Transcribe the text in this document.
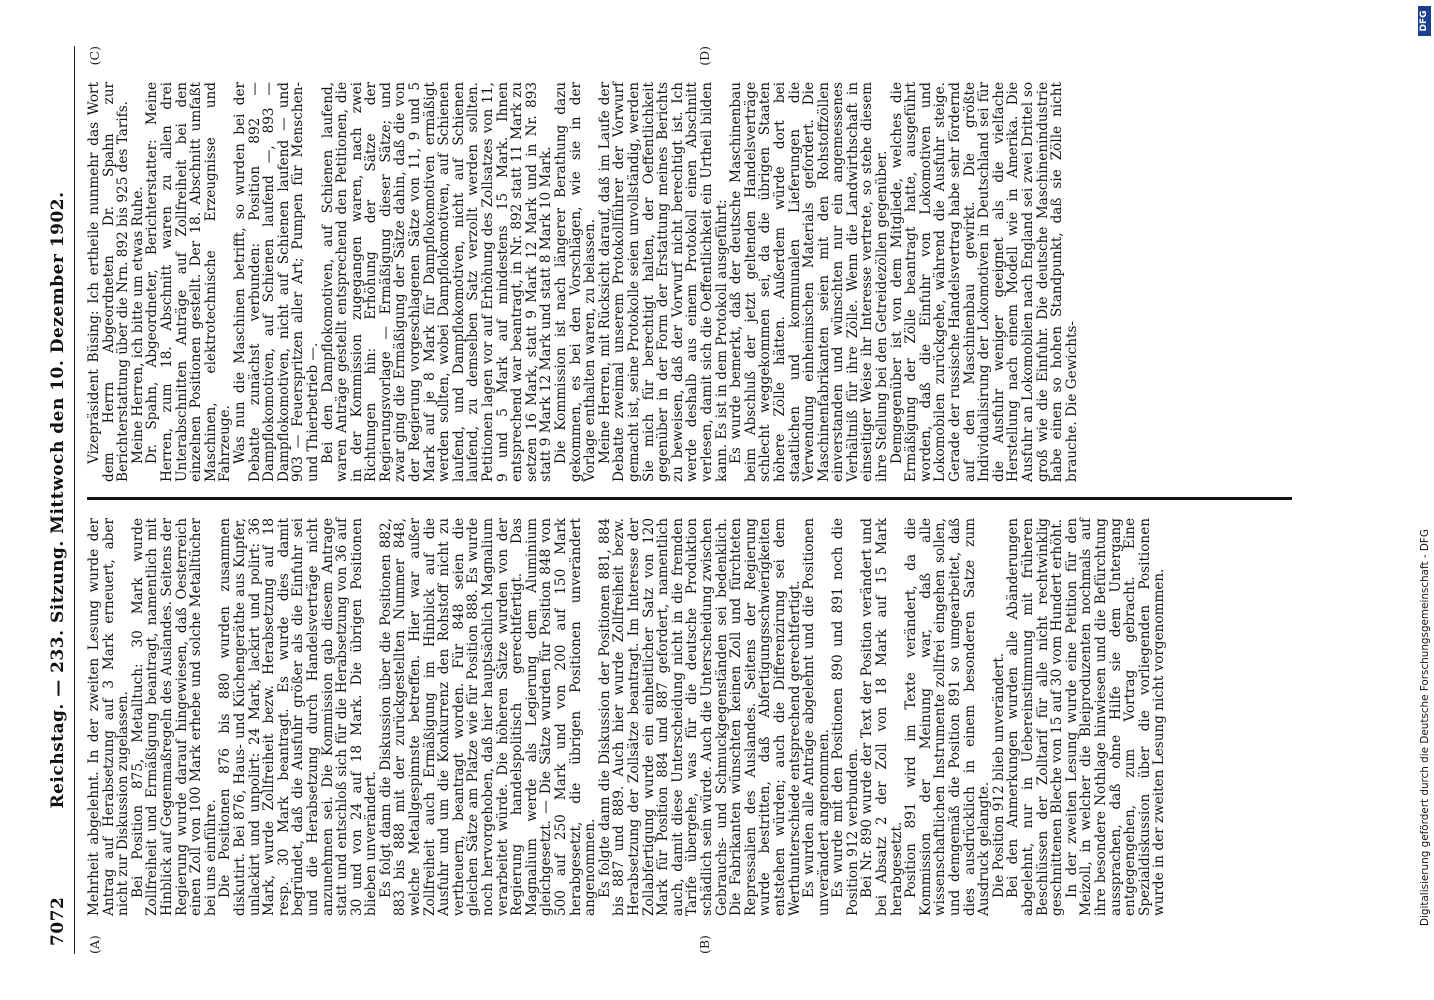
7072
Reichstag. — 233. Sitzung. Mittwoch den 10. Dezember 1902.
(A)	(B)
(C)	(D)

Mehrheit abgelehnt. In der zweiten Lesung wurde der Antrag auf Herabsetzung auf 3 Mark erneuert, aber nicht zur Diskussion zugelassen.

Bei Position 875, Metalltuch: 30 Mark wurde Zollfreiheit und Ermäßigung beantragt, namentlich mit Hinblick auf Gegenmaßregeln des Auslandes. Seitens der Regierung wurde darauf hingewiesen, daß Oesterreich einen Zoll von 100 Mark erhebe und solche Metalltücher bei uns einführe.

Die Positionen 876 bis 880 wurden zusammen diskutirt. Bei 876, Haus- und Küchengeräthe aus Kupfer, unlackirt und unpolirt: 24 Mark, lackirt und polirt: 36 Mark, wurde Zollfreiheit bezw. Herabsetzung auf 18 resp. 30 Mark beantragt. Es wurde dies damit begründet, daß die Ausfuhr größer als die Einfuhr sei und die Herabsetzung durch Handelsverträge nicht anzunehmen sei. Die Kommission gab diesem Antrage statt und entschloß sich für die Herabsetzung von 36 auf 30 und von 24 auf 18 Mark. Die übrigen Positionen blieben unverändert.

Es folgt dann die Diskussion über die Positionen 882, 883 bis 888 mit der zurückgestellten Nummer 848, welche Metallgespinnste betreffen. Hier war außer Zollfreiheit auch Ermäßigung im Hinblick auf die Ausfuhr und um die Konkurrenz den Rohstoff nicht zu vertheuern, beantragt worden. Für 848 seien die gleichen Sätze am Platze wie für Position 888. Es wurde noch hervorgehoben, daß hier hauptsächlich Magnalium verarbeitet würde. Die höheren Sätze wurden von der Regierung handelspolitisch gerechtfertigt. Das Magnalium werde als Legierung dem Aluminium gleichgesetzt. — Die Sätze wurden für Position 848 von 500 auf 250 Mark und von 200 auf 150 Mark herabgesetzt, die übrigen Positionen unverändert angenommen.

Es folgte dann die Diskussion der Positionen 881, 884 bis 887 und 889. Auch hier wurde Zollfreiheit bezw. Herabsetzung der Zollsätze beantragt. Im Interesse der Zollabfertigung wurde ein einheitlicher Satz von 120 Mark für Position 884 und 887 gefordert, namentlich auch, damit diese Unterscheidung nicht in die fremden Tarife übergehe, was für die deutsche Produktion schädlich sein würde. Auch die Unterscheidung zwischen Gebrauchs- und Schmuckgegenständen sei bedenklich. Die Fabrikanten wünschten keinen Zoll und fürchteten Repressalien des Auslandes. Seitens der Regierung wurde bestritten, daß Abfertigungsschwierigkeiten entstehen würden; auch die Differenzirung sei dem Werthunterschiede entsprechend gerechtfertigt.

Es wurden alle Anträge abgelehnt und die Positionen unverändert angenommen.

Es wurde mit den Positionen 890 und 891 noch die Position 912 verbunden.

Bei Nr. 890 wurde der Text der Position verändert und bei Absatz 2 der Zoll von 18 Mark auf 15 Mark herabgesetzt.

Position 891 wird im Texte verändert, da die Kommission der Meinung war, daß alle wissenschaftlichen Instrumente zollfrei eingehen sollen, und demgemäß die Position 891 so umgearbeitet, daß dies ausdrücklich in einem besonderen Satze zum Ausdruck gelangte.

Die Position 912 blieb unverändert.

Bei den Anmerkungen wurden alle Abänderungen abgelehnt, nur in Uebereinstimmung mit früheren Beschlüssen der Zolltarif für alle nicht rechtwinklig geschnittenen Bleche von 15 auf 30 vom Hundert erhöht.

In der zweiten Lesung wurde eine Petition für den Meizoll, in welcher die Bleiproduzenten nochmals auf ihre besondere Nothlage hinwiesen und die Befürchtung aussprachen, daß ohne Hilfe sie dem Untergang entgegengehen, zum Vortrag gebracht. Eine Spezialdiskussion über die vorliegenden Positionen wurde in der zweiten Lesung nicht vorgenommen.

Vizepräsident Büsing: Ich ertheile nunmehr das Wort dem Herrn Abgeordneten Dr. Spahn zur Berichterstattung über die Nrn. 892 bis 925 des Tarifs.

Meine Herren, ich bitte um etwas Ruhe.

Dr. Spahn, Abgeordneter, Berichterstatter: Meine Herren, zum 18. Abschnitt waren zu allen drei Unterabschnitten Anträge auf Zollfreiheit bei den einzelnen Positionen gestellt. Der 18. Abschnitt umfaßt Maschinen, elektrotechnische Erzeugnisse und Fahrzeuge.

Was nun die Maschinen betrifft, so wurden bei der Debatte zunächst verbunden: Position 892 — Dampflokomotiven, auf Schienen laufend —, 893 — Dampflokomotiven, nicht auf Schienen laufend — und 903 — Feuerspritzen aller Art; Pumpen für Menschen- und Thierbetrieb —.

Bei den Dampflokomotiven, auf Schienen laufend, waren Anträge gestellt entsprechend den Petitionen, die in der Kommission zugegangen waren, nach zwei Richtungen hin: Erhöhung der Sätze der Regierungsvorlage — Ermäßigung dieser Sätze; und zwar ging die Ermäßigung der Sätze dahin, daß die von der Regierung vorgeschlagenen Sätze von 11, 9 und 5 Mark auf je 8 Mark für Dampflokomotiven ermäßigt werden sollten, wobei Dampflokomotiven, auf Schienen laufend, und Dampflokomotiven, nicht auf Schienen laufend, zu demselben Satz verzollt werden sollten. Petitionen lagen vor auf Erhöhung des Zollsatzes von 11, 9 und 5 Mark auf mindestens 15 Mark. Ihnen entsprechend war beantragt, in Nr. 892 statt 11 Mark zu setzen 16 Mark, statt 9 Mark 12 Mark und in Nr. 893 statt 9 Mark 12 Mark und statt 8 Mark 10 Mark.

Die Kommission ist nach längerer Berathung dazu gekommen, es bei den Vorschlägen, wie sie in der Vorlage enthalten waren, zu belassen.

Meine Herren, mit Rücksicht darauf, daß im Laufe der Debatte zweimal unserem Protokollführer der Vorwurf gemacht ist, seine Protokolle seien unvollständig, werden Sie mich für berechtigt halten, der Oeffentlichkeit gegenüber in der Form der Erstattung meines Berichts zu beweisen, daß der Vorwurf nicht berechtigt ist. Ich werde deshalb aus einem Protokoll einen Abschnitt verlesen, damit sich die Oeffentlichkeit ein Urtheil bilden kann. Es ist in dem Protokoll ausgeführt:

Es wurde bemerkt, daß der deutsche Maschinenbau beim Abschluß der jetzt geltenden Handelsverträge schlecht weggekommen sei, da die übrigen Staaten höhere Zölle hätten. Außerdem würde dort bei staatlichen und kommunalen Lieferungen die Verwendung einheimischen Materials gefordert. Die Maschinenfabrikanten seien mit den Rohstoffzöllen einverstanden und wünschten nur ein angemessenes Verhältniß für ihre Zölle. Wenn die Landwirthschaft in einseitiger Weise ihr Interesse vertrete, so stehe diesem ihre Stellung bei den Getreidezöllen gegenüber.

Demgegenüber ist von dem Mitgliede, welches die Ermäßigung der Zölle beantragt hatte, ausgeführt worden, daß die Einfuhr von Lokomotiven und Lokomobilen zurückgehe, während die Ausfuhr steige. Gerade der russische Handelsvertrag habe sehr fördernd auf den Maschinenbau gewirkt. Die größte Individualisirung der Lokomotiven in Deutschland sei für die Ausfuhr weniger geeignet als die vielfache Herstellung nach einem Modell wie in Amerika. Die Ausfuhr an Lokomobilen nach England sei zwei Drittel so groß wie die Einfuhr. Die deutsche Maschinenindustrie habe einen so hohen Standpunkt, daß sie Zölle nicht brauche. Die Gewichts-

Digitalisierung gefördert durch die Deutsche Forschungsgemeinschaft - DFG
DFG
